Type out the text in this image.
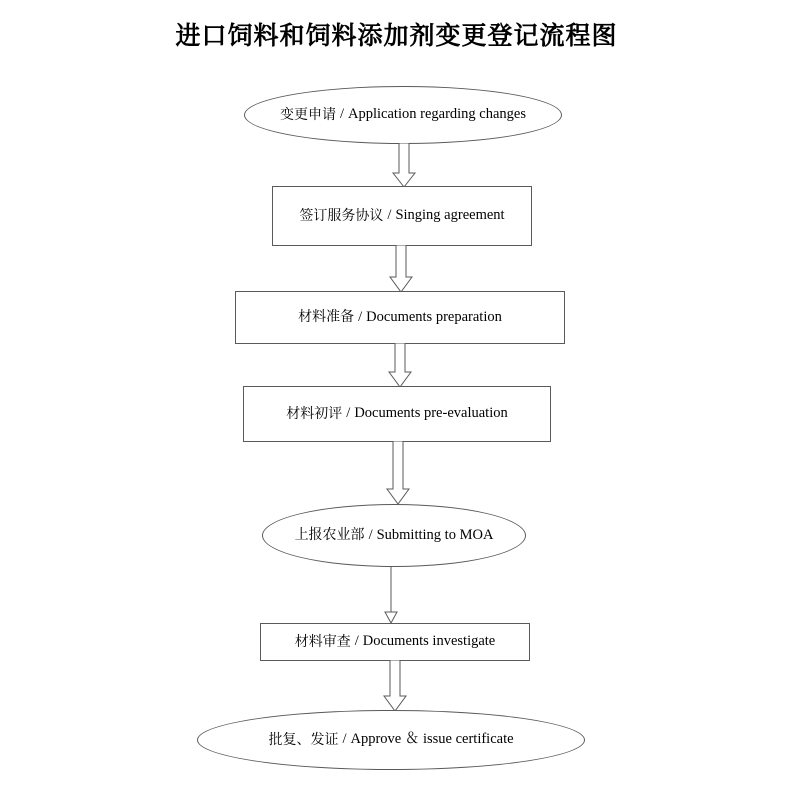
进口饲料和饲料添加剂变更登记流程图
变更申请 / Application regarding changes
签订服务协议 / Singing agreement
材料准备 / Documents preparation
材料初评 / Documents pre-evaluation
上报农业部 / Submitting to MOA
材料审查 / Documents investigate
批复、发证 / Approve ＆ issue certificate
